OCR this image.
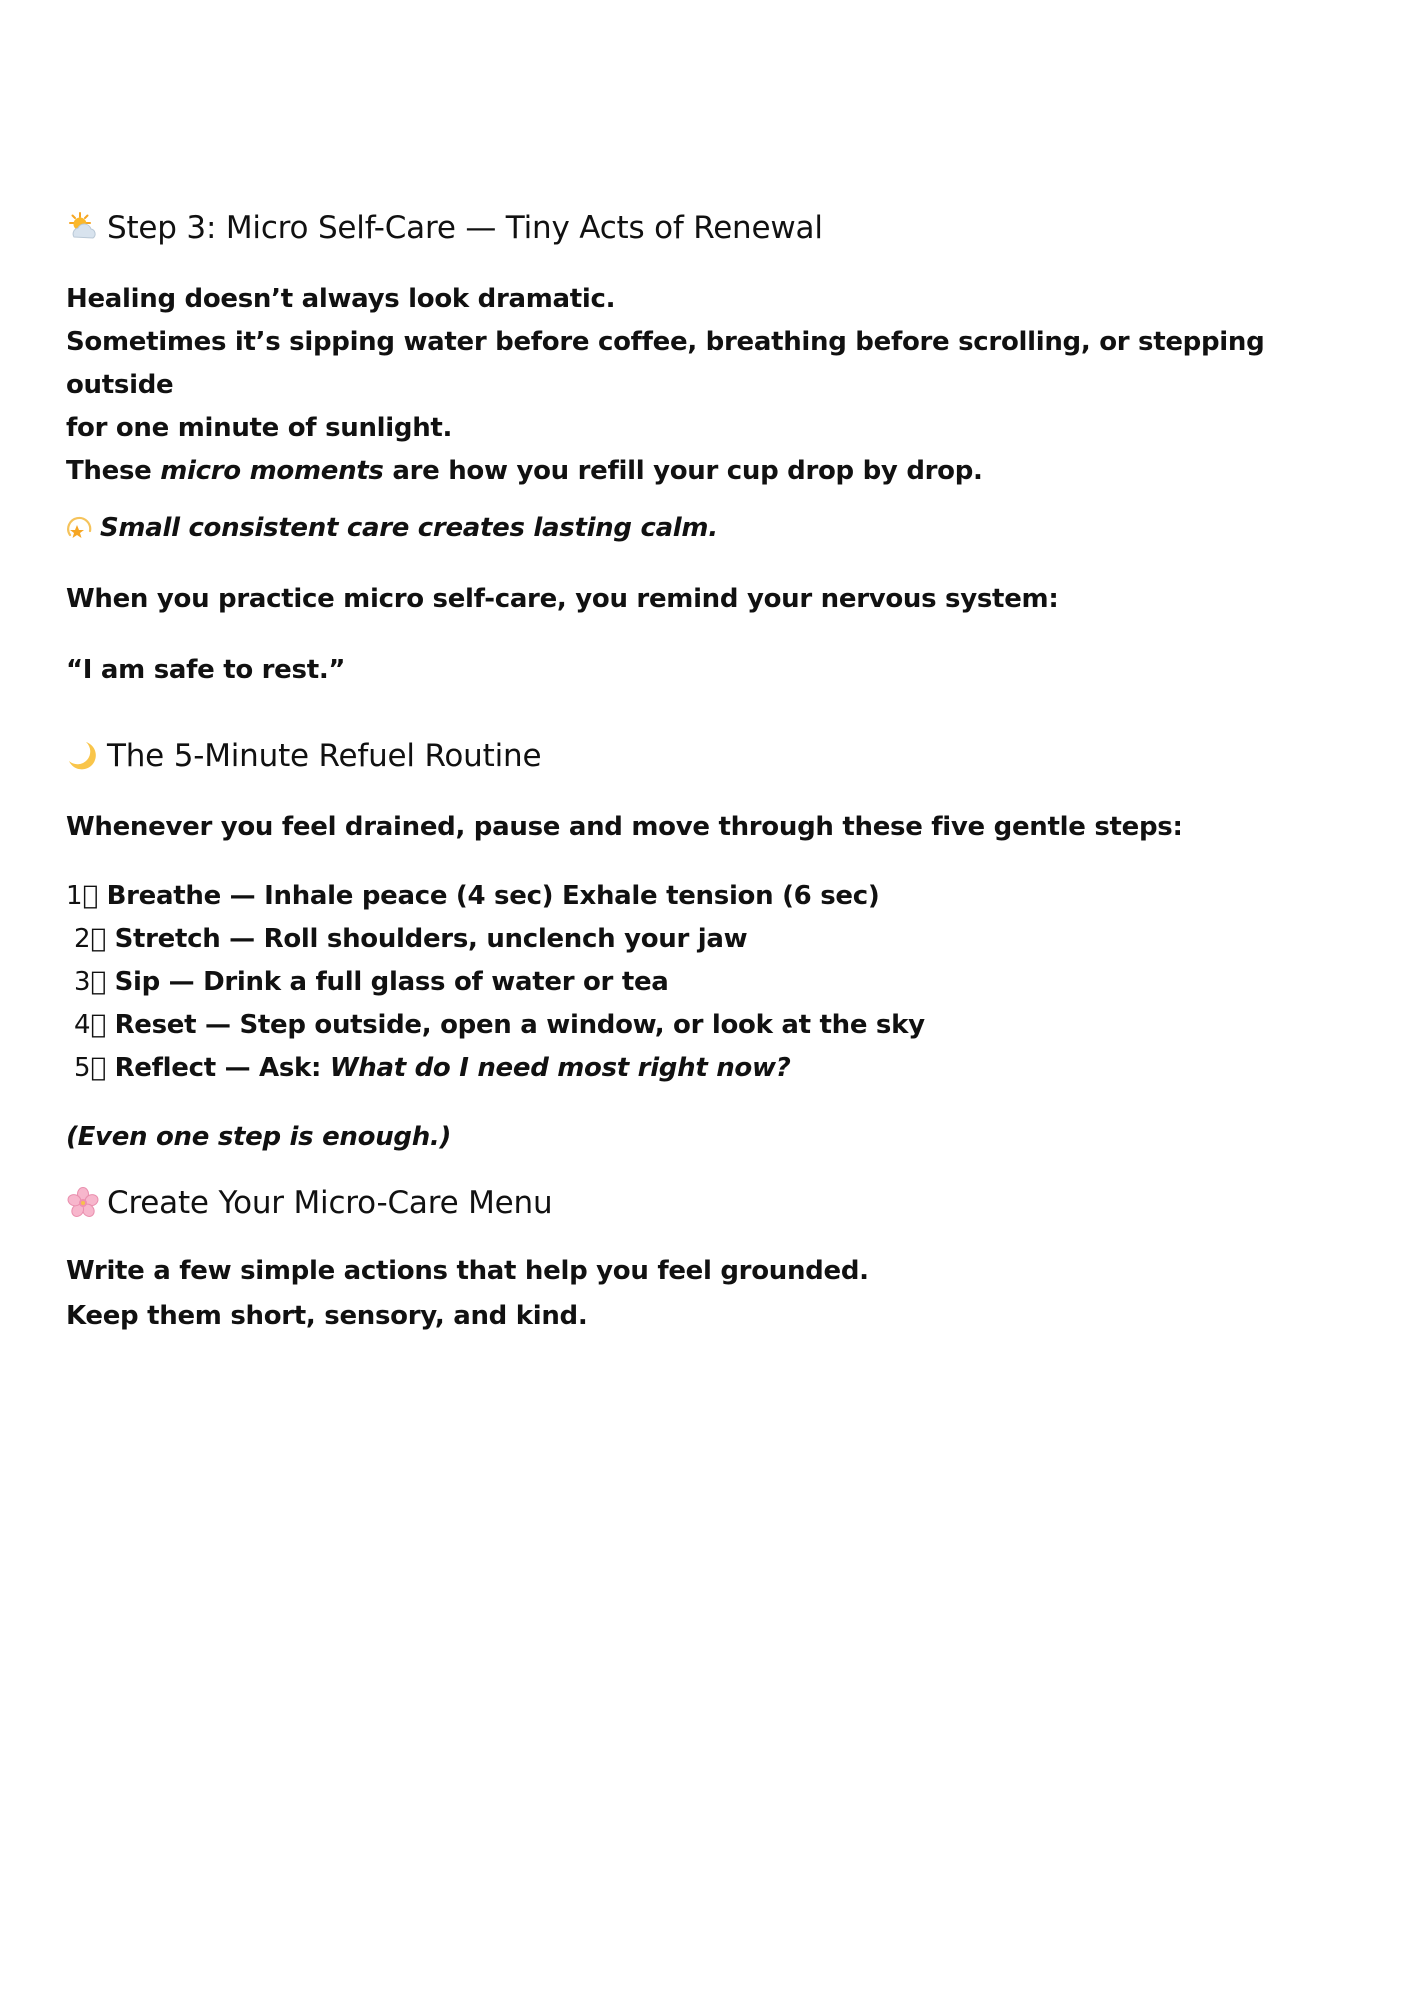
Step 3: Micro Self-Care — Tiny Acts of Renewal

Healing doesn’t always look dramatic.

Sometimes it’s sipping water before coffee, breathing before scrolling, or stepping outside

for one minute of sunlight.

These micro moments are how you refill your cup drop by drop.

Small consistent care creates lasting calm.

When you practice micro self-care, you remind your nervous system:

“I am safe to rest.”

The 5-Minute Refuel Routine

Whenever you feel drained, pause and move through these five gentle steps:

1⃣ Breathe — Inhale peace (4 sec) Exhale tension (6 sec)

2⃣ Stretch — Roll shoulders, unclench your jaw

3⃣ Sip — Drink a full glass of water or tea

4⃣ Reset — Step outside, open a window, or look at the sky

5⃣ Reflect — Ask: What do I need most right now?

(Even one step is enough.)

Create Your Micro-Care Menu

Write a few simple actions that help you feel grounded.

Keep them short, sensory, and kind.
